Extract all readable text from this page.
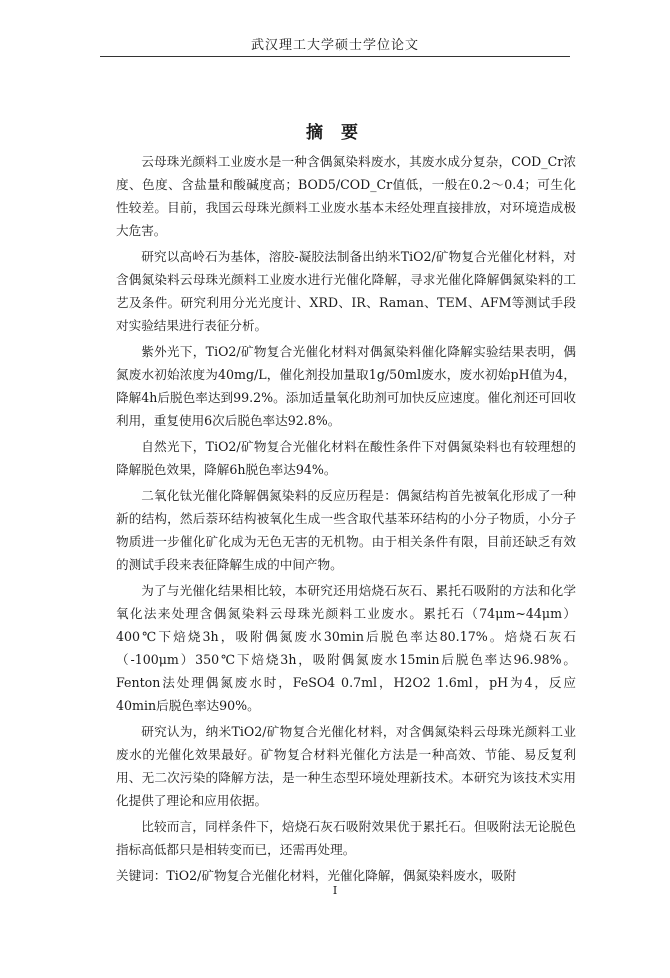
武汉理工大学硕士学位论文
摘 要

云母珠光颜料工业废水是一种含偶氮染料废水，其废水成分复杂，COD_Cr浓度、色度、含盐量和酸碱度高；BOD5/COD_Cr值低，一般在0.2～0.4；可生化性较差。目前，我国云母珠光颜料工业废水基本未经处理直接排放，对环境造成极大危害。

研究以高岭石为基体，溶胶-凝胶法制备出纳米TiO2/矿物复合光催化材料，对含偶氮染料云母珠光颜料工业废水进行光催化降解，寻求光催化降解偶氮染料的工艺及条件。研究利用分光光度计、XRD、IR、Raman、TEM、AFM等测试手段对实验结果进行表征分析。

紫外光下，TiO2/矿物复合光催化材料对偶氮染料催化降解实验结果表明，偶氮废水初始浓度为40mg/L，催化剂投加量取1g/50ml废水，废水初始pH值为4，降解4h后脱色率达到99.2%。添加适量氧化助剂可加快反应速度。催化剂还可回收利用，重复使用6次后脱色率达92.8%。

自然光下，TiO2/矿物复合光催化材料在酸性条件下对偶氮染料也有较理想的降解脱色效果，降解6h脱色率达94%。

二氧化钛光催化降解偶氮染料的反应历程是：偶氮结构首先被氧化形成了一种新的结构，然后萘环结构被氧化生成一些含取代基苯环结构的小分子物质，小分子物质进一步催化矿化成为无色无害的无机物。由于相关条件有限，目前还缺乏有效的测试手段来表征降解生成的中间产物。

为了与光催化结果相比较，本研究还用焙烧石灰石、累托石吸附的方法和化学氧化法来处理含偶氮染料云母珠光颜料工业废水。累托石（74μm~44μm）400℃下焙烧3h，吸附偶氮废水30min后脱色率达80.17%。焙烧石灰石（-100μm）350℃下焙烧3h，吸附偶氮废水15min后脱色率达96.98%。Fenton法处理偶氮废水时，FeSO4 0.7ml，H2O2 1.6ml，pH为4，反应40min后脱色率达90%。

研究认为，纳米TiO2/矿物复合光催化材料，对含偶氮染料云母珠光颜料工业废水的光催化效果最好。矿物复合材料光催化方法是一种高效、节能、易反复利用、无二次污染的降解方法，是一种生态型环境处理新技术。本研究为该技术实用化提供了理论和应用依据。

比较而言，同样条件下，焙烧石灰石吸附效果优于累托石。但吸附法无论脱色指标高低都只是相转变而已，还需再处理。

关键词：TiO2/矿物复合光催化材料，光催化降解，偶氮染料废水，吸附

I
